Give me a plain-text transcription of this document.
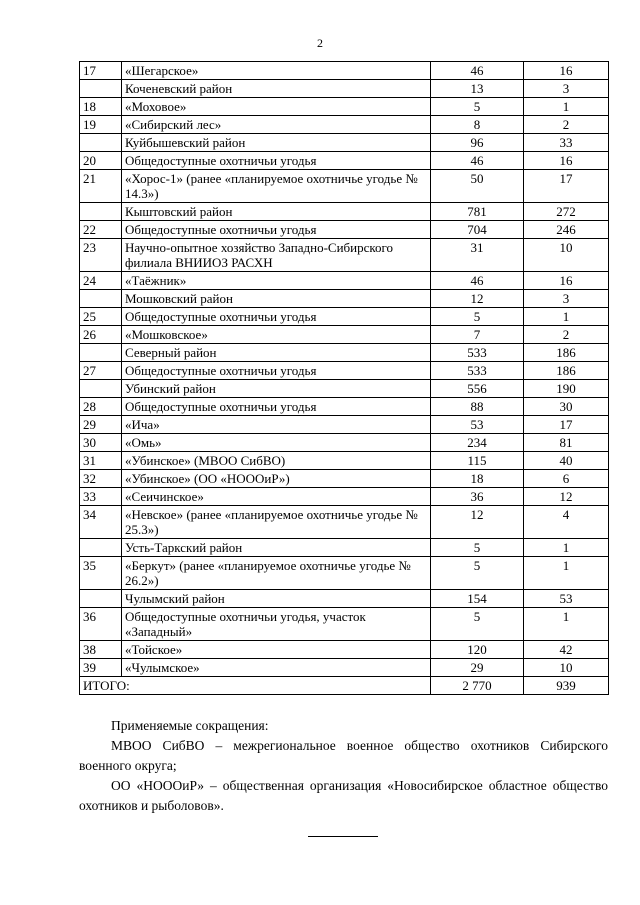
2
17	«Шегарское»	46	16
	Коченевский район	13	3
18	«Моховое»	5	1
19	«Сибирский лес»	8	2
	Куйбышевский район	96	33
20	Общедоступные охотничьи угодья	46	16
21	«Хорос-1» (ранее «планируемое охотничье угодье № 14.3»)	50	17
	Кыштовский район	781	272
22	Общедоступные охотничьи угодья	704	246
23	Научно-опытное хозяйство Западно-Сибирского филиала ВНИИОЗ РАСХН	31	10
24	«Таёжник»	46	16
	Мошковский район	12	3
25	Общедоступные охотничьи угодья	5	1
26	«Мошковское»	7	2
	Северный район	533	186
27	Общедоступные охотничьи угодья	533	186
	Убинский район	556	190
28	Общедоступные охотничьи угодья	88	30
29	«Ича»	53	17
30	«Омь»	234	81
31	«Убинское» (МВОО СибВО)	115	40
32	«Убинское» (ОО «НОООиР»)	18	6
33	«Сеичинское»	36	12
34	«Невское» (ранее «планируемое охотничье угодье № 25.3»)	12	4
	Усть-Таркский район	5	1
35	«Беркут» (ранее «планируемое охотничье угодье № 26.2»)	5	1
	Чулымский район	154	53
36	Общедоступные охотничьи угодья, участок «Западный»	5	1
38	«Тойское»	120	42
39	«Чулымское»	29	10
ИТОГО:		2 770	939

Применяемые сокращения:

МВОО СибВО – межрегиональное военное общество охотников Сибирского военного округа;

ОО «НОООиР» – общественная организация «Новосибирское областное общество охотников и рыболовов».
